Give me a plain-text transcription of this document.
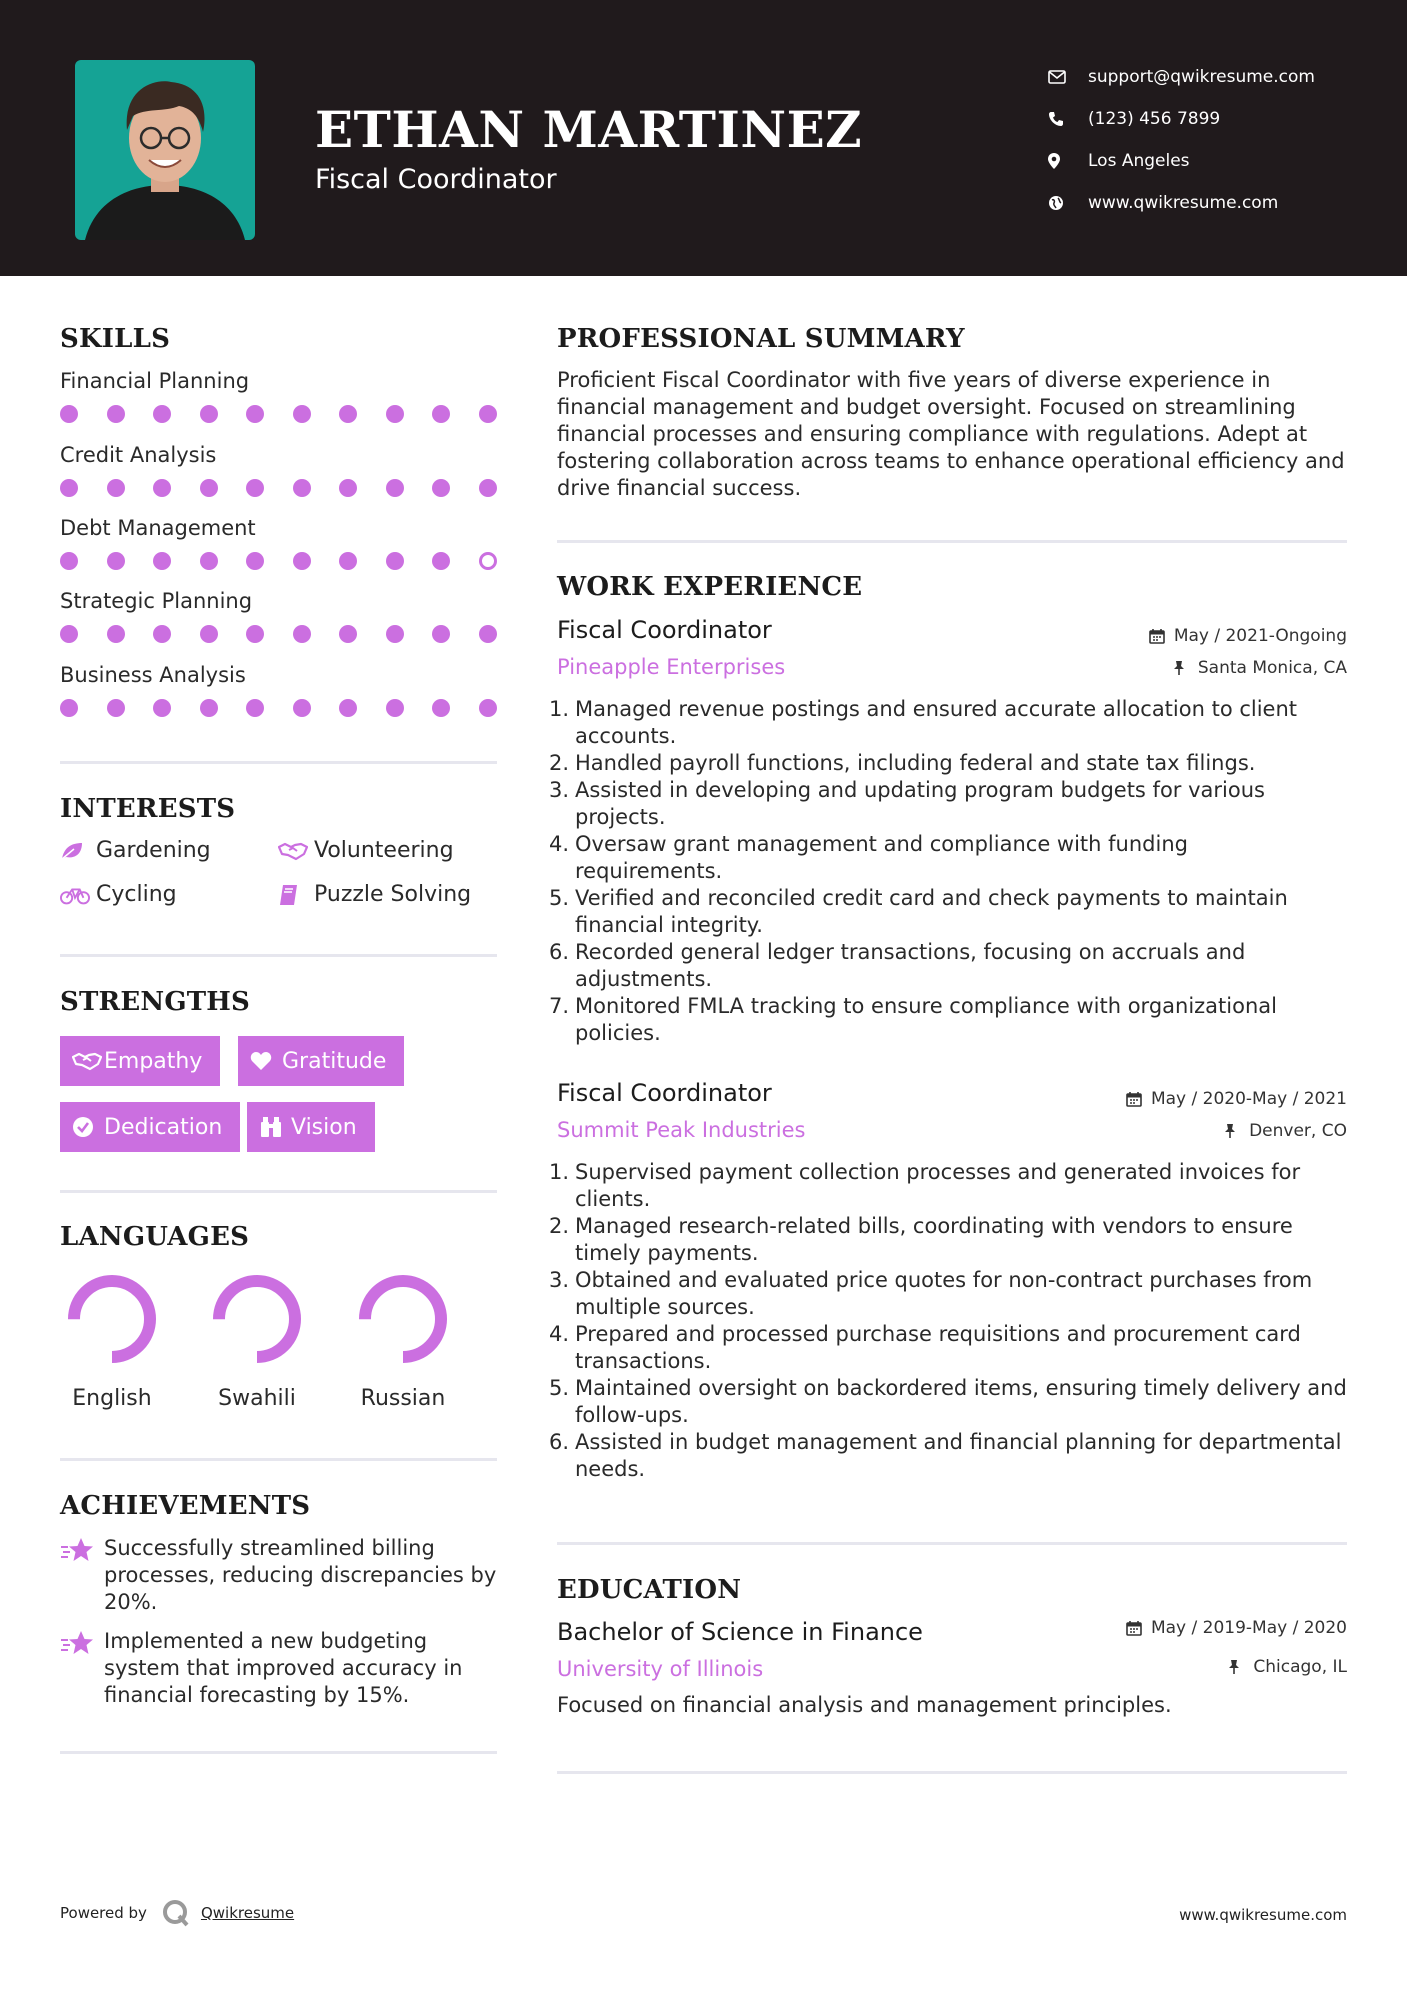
ETHAN MARTINEZ
Fiscal Coordinator
support@qwikresume.com
(123) 456 7899
Los Angeles
www.qwikresume.com
SKILLS
Financial Planning
Credit Analysis
Debt Management
Strategic Planning
Business Analysis
INTERESTS
Gardening	Volunteering
Cycling	Puzzle Solving
STRENGTHS
Empathy	Gratitude
Dedication	Vision
LANGUAGES
English	Swahili	Russian
ACHIEVEMENTS
Successfully streamlined billing
processes, reducing discrepancies by
20%.
Implemented a new budgeting
system that improved accuracy in
financial forecasting by 15%.
PROFESSIONAL SUMMARY
Proficient Fiscal Coordinator with five years of diverse experience in
financial management and budget oversight. Focused on streamlining
financial processes and ensuring compliance with regulations. Adept at
fostering collaboration across teams to enhance operational efficiency and
drive financial success.
WORK EXPERIENCE
Fiscal Coordinator	May / 2021-Ongoing
Pineapple Enterprises	Santa Monica, CA
1. Managed revenue postings and ensured accurate allocation to client
accounts.
2. Handled payroll functions, including federal and state tax filings.
3. Assisted in developing and updating program budgets for various
projects.
4. Oversaw grant management and compliance with funding
requirements.
5. Verified and reconciled credit card and check payments to maintain
financial integrity.
6. Recorded general ledger transactions, focusing on accruals and
adjustments.
7. Monitored FMLA tracking to ensure compliance with organizational
policies.
Fiscal Coordinator	May / 2020-May / 2021
Summit Peak Industries	Denver, CO
1. Supervised payment collection processes and generated invoices for
clients.
2. Managed research-related bills, coordinating with vendors to ensure
timely payments.
3. Obtained and evaluated price quotes for non-contract purchases from
multiple sources.
4. Prepared and processed purchase requisitions and procurement card
transactions.
5. Maintained oversight on backordered items, ensuring timely delivery and
follow-ups.
6. Assisted in budget management and financial planning for departmental
needs.
EDUCATION
Bachelor of Science in Finance	May / 2019-May / 2020
University of Illinois	Chicago, IL
Focused on financial analysis and management principles.
Powered by	Qwikresume	www.qwikresume.com
